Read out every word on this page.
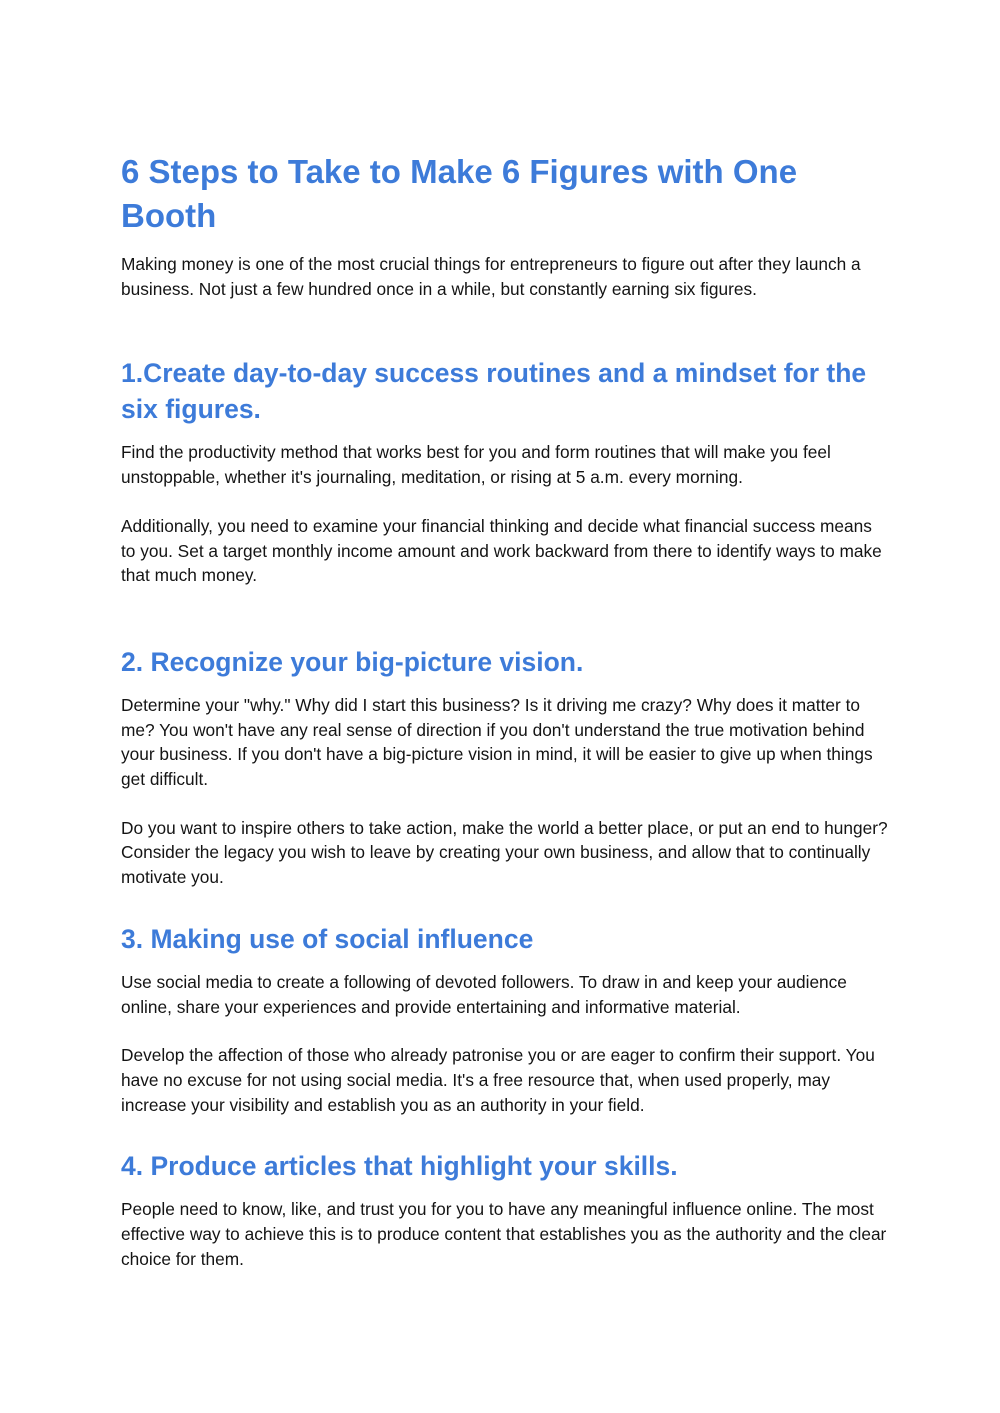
6 Steps to Take to Make 6 Figures with One Booth

Making money is one of the most crucial things for entrepreneurs to figure out after they launch a business. Not just a few hundred once in a while, but constantly earning six figures.

1.Create day-to-day success routines and a mindset for the six figures.

Find the productivity method that works best for you and form routines that will make you feel unstoppable, whether it's journaling, meditation, or rising at 5 a.m. every morning.

Additionally, you need to examine your financial thinking and decide what financial success means to you. Set a target monthly income amount and work backward from there to identify ways to make that much money.

2. Recognize your big-picture vision.

Determine your "why." Why did I start this business? Is it driving me crazy? Why does it matter to me? You won't have any real sense of direction if you don't understand the true motivation behind your business. If you don't have a big-picture vision in mind, it will be easier to give up when things get difficult.

Do you want to inspire others to take action, make the world a better place, or put an end to hunger? Consider the legacy you wish to leave by creating your own business, and allow that to continually motivate you.

3. Making use of social influence

Use social media to create a following of devoted followers. To draw in and keep your audience online, share your experiences and provide entertaining and informative material.

Develop the affection of those who already patronise you or are eager to confirm their support. You have no excuse for not using social media. It's a free resource that, when used properly, may increase your visibility and establish you as an authority in your field.

4. Produce articles that highlight your skills.

People need to know, like, and trust you for you to have any meaningful influence online. The most effective way to achieve this is to produce content that establishes you as the authority and the clear choice for them.
